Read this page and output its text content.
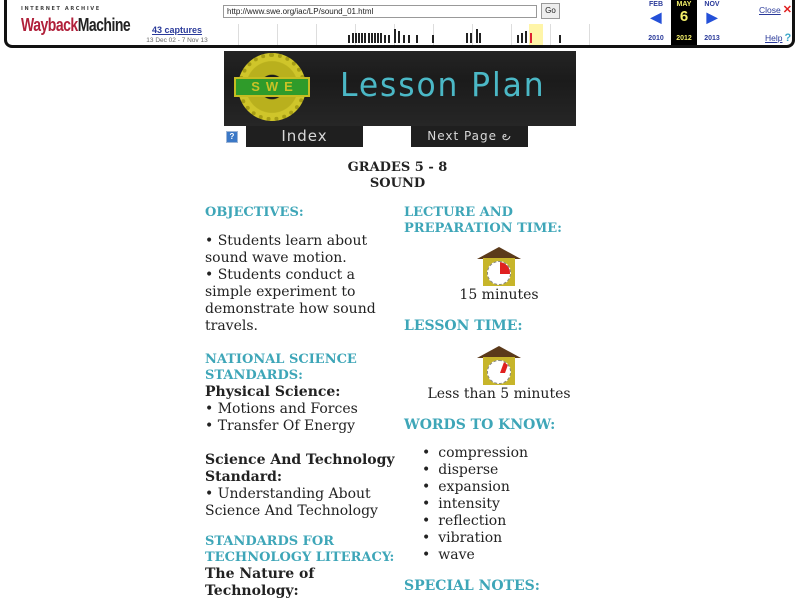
INTERNET ARCHIVE
WaybackMachine
http://www.swe.org/iac/LP/sound_01.html	Go
43 captures
13 Dec 02 - 7 Nov 13
FEB
◀
2010
MAY
6
2012
NOV
▶
2013
Close ✕
Help ?
SWE	Lesson Plan
?	Index	Next Page ౿
GRADES 5 - 8
SOUND
OBJECTIVES:
• Students learn about sound wave motion.
• Students conduct a simple experiment to demonstrate how sound travels.
NATIONAL SCIENCE STANDARDS:
Physical Science:
• Motions and Forces
• Transfer Of Energy
Science And Technology Standard:
• Understanding About Science And Technology
STANDARDS FOR TECHNOLOGY LITERACY:
The Nature of Technology:
LECTURE AND PREPARATION TIME:
15 minutes
LESSON TIME:
Less than 5 minutes
WORDS TO KNOW:
• compression
• disperse
• expansion
• intensity
• reflection
• vibration
• wave
SPECIAL NOTES:
